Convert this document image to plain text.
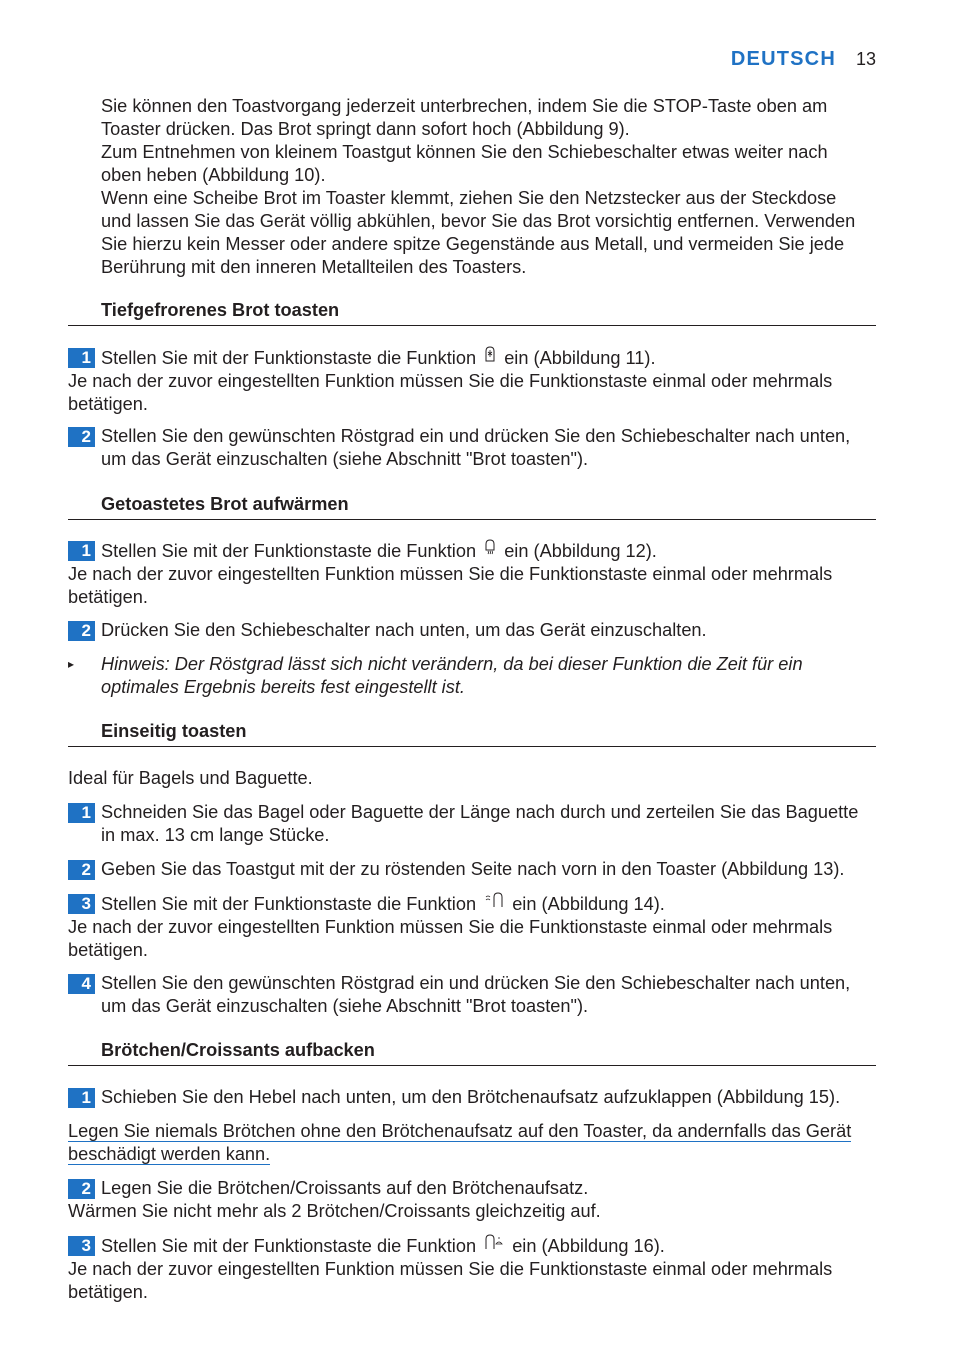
DEUTSCH 13

Sie können den Toastvorgang jederzeit unterbrechen, indem Sie die STOP-Taste oben am Toaster drücken. Das Brot springt dann sofort hoch (Abbildung 9).

Zum Entnehmen von kleinem Toastgut können Sie den Schiebeschalter etwas weiter nach oben heben (Abbildung 10).

Wenn eine Scheibe Brot im Toaster klemmt, ziehen Sie den Netzstecker aus der Steckdose und lassen Sie das Gerät völlig abkühlen, bevor Sie das Brot vorsichtig entfernen. Verwenden Sie hierzu kein Messer oder andere spitze Gegenstände aus Metall, und vermeiden Sie jede Berührung mit den inneren Metallteilen des Toasters.

Tiefgefrorenes Brot toasten
1 Stellen Sie mit der Funktionstaste die Funktion ein (Abbildung 11).

Je nach der zuvor eingestellten Funktion müssen Sie die Funktionstaste einmal oder mehrmals betätigen.

2 Stellen Sie den gewünschten Röstgrad ein und drücken Sie den Schiebeschalter nach unten, um das Gerät einzuschalten (siehe Abschnitt "Brot toasten").
Getoastetes Brot aufwärmen
1 Stellen Sie mit der Funktionstaste die Funktion ein (Abbildung 12).

Je nach der zuvor eingestellten Funktion müssen Sie die Funktionstaste einmal oder mehrmals betätigen.

2 Drücken Sie den Schiebeschalter nach unten, um das Gerät einzuschalten.
▸ Hinweis: Der Röstgrad lässt sich nicht verändern, da bei dieser Funktion die Zeit für ein optimales Ergebnis bereits fest eingestellt ist.
Einseitig toasten

Ideal für Bagels und Baguette.

1 Schneiden Sie das Bagel oder Baguette der Länge nach durch und zerteilen Sie das Baguette in max. 13 cm lange Stücke.
2 Geben Sie das Toastgut mit der zu röstenden Seite nach vorn in den Toaster (Abbildung 13).
3 Stellen Sie mit der Funktionstaste die Funktion ein (Abbildung 14).

Je nach der zuvor eingestellten Funktion müssen Sie die Funktionstaste einmal oder mehrmals betätigen.

4 Stellen Sie den gewünschten Röstgrad ein und drücken Sie den Schiebeschalter nach unten, um das Gerät einzuschalten (siehe Abschnitt "Brot toasten").
Brötchen/Croissants aufbacken
1 Schieben Sie den Hebel nach unten, um den Brötchenaufsatz aufzuklappen (Abbildung 15).
Legen Sie niemals Brötchen ohne den Brötchenaufsatz auf den Toaster, da andernfalls das Gerät beschädigt werden kann.
2 Legen Sie die Brötchen/Croissants auf den Brötchenaufsatz.

Wärmen Sie nicht mehr als 2 Brötchen/Croissants gleichzeitig auf.

3 Stellen Sie mit der Funktionstaste die Funktion ein (Abbildung 16).

Je nach der zuvor eingestellten Funktion müssen Sie die Funktionstaste einmal oder mehrmals betätigen.
